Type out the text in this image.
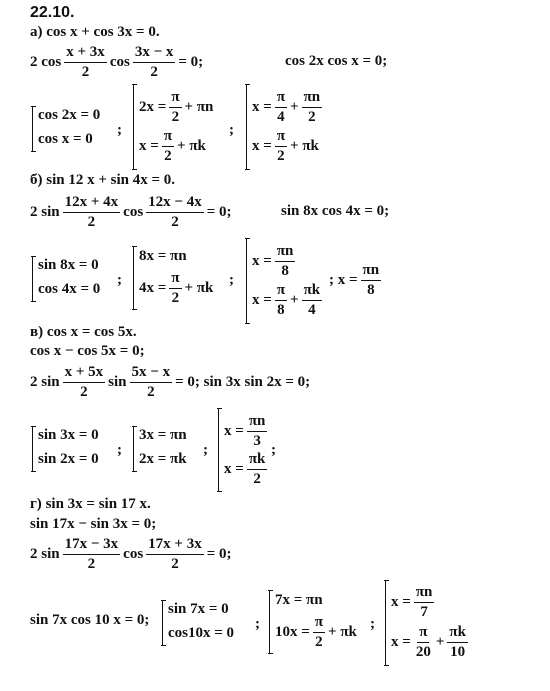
22.10.
а) cos x + cos 3x = 0.
2 $\cos \frac{x + 3x}{2}$ $\cos \frac{3x - x}{2} = 0$;	cos 2x cos x = 0;
cos 2x = 0
cos x = 0
;
$2x = \frac{\pi}{2} + \pi n$
$x = \frac{\pi}{2} + \pi k$
;
$x = \frac{\pi}{4} + \frac{\pi n}{2}$
$x = \frac{\pi}{2} + \pi k$
б) sin 12 x + sin 4x = 0.
2 $\sin \frac{12x + 4x}{2}$ $\cos \frac{12x - 4x}{2} = 0$;	sin 8x cos 4x = 0;
sin 8x = 0
cos 4x = 0
;
8x = πn
$4x = \frac{\pi}{2} + \pi k$ ;
$x = \frac{\pi n}{8}$
$x = \frac{\pi}{8} + \frac{\pi k}{4}$
; $x = \frac{\pi n}{8}$
в) cos x = cos 5x.
cos x − cos 5x = 0;
2 $\sin \frac{x + 5x}{2}$ $\sin \frac{5x - x}{2} = 0$; sin 3x sin 2x = 0;
sin 3x = 0
sin 2x = 0
;
3x = πn
2x = πk
;
$x = \frac{\pi n}{3}$
$x = \frac{\pi k}{2}$
;
г) sin 3x = sin 17 x.
sin 17x − sin 3x = 0;
2 $\sin \frac{17x - 3x}{2}$ $\cos \frac{17x + 3x}{2} = 0$;
sin 7x cos 10 x = 0;
sin 7x = 0
cos10x = 0
;
7x = πn
$10x = \frac{\pi}{2} + \pi k$ ;
$x = \frac{\pi n}{7}$
$x = \frac{\pi}{20} + \frac{\pi k}{10}$
